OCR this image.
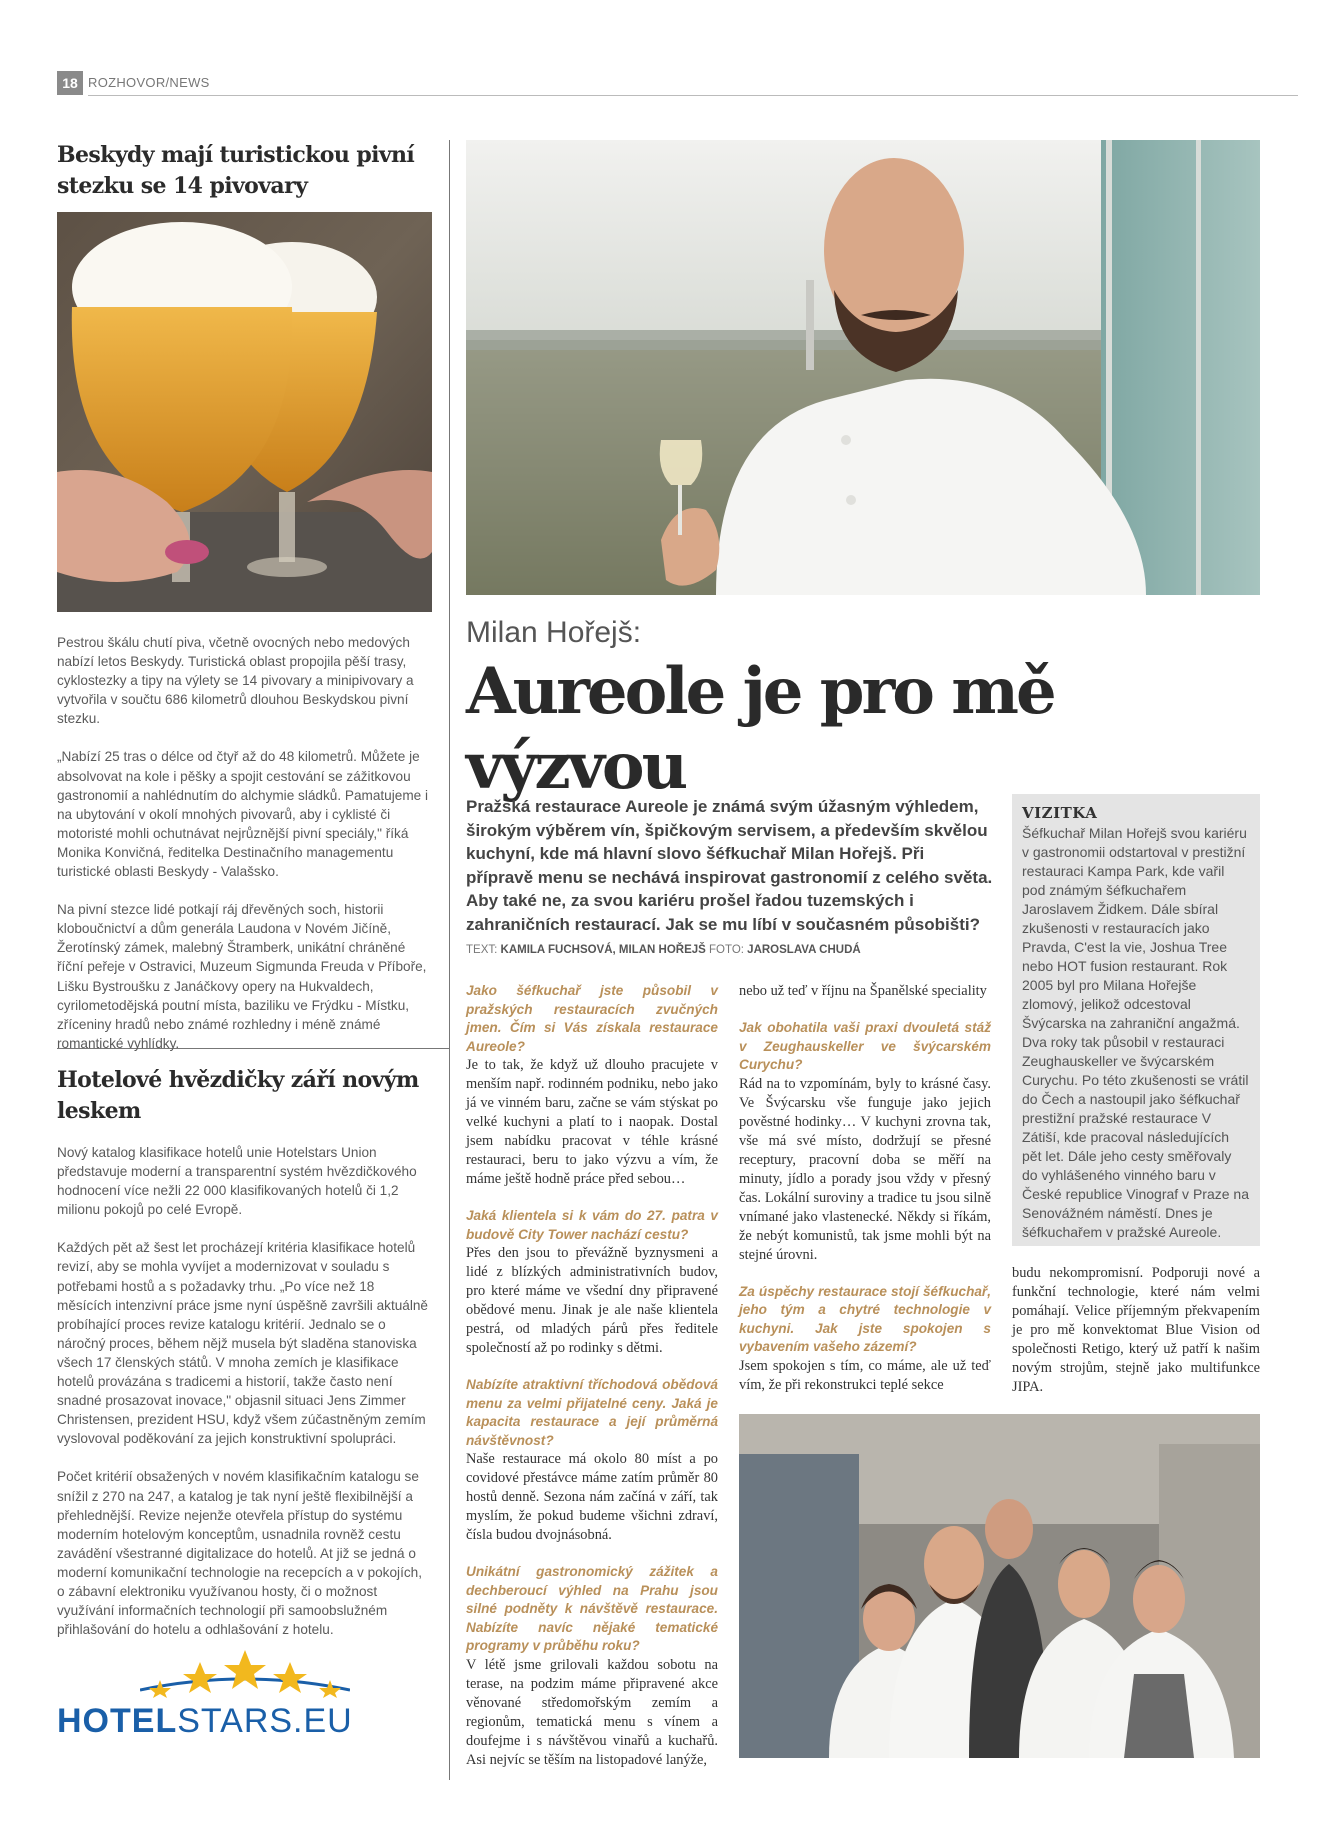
18 ROZHOVOR/NEWS
Beskydy mají turistickou pivní stezku se 14 pivovary

Pestrou škálu chutí piva, včetně ovocných nebo medových nabízí letos Beskydy. Turistická oblast propojila pěší trasy, cyklostezky a tipy na výlety se 14 pivovary a minipivovary a vytvořila v součtu 686 kilometrů dlouhou Beskydskou pivní stezku.

„Nabízí 25 tras o délce od čtyř až do 48 kilometrů. Můžete je absolvovat na kole i pěšky a spojit cestování se zážitkovou gastronomií a nahlédnutím do alchymie sládků. Pamatujeme i na ubytování v okolí mnohých pivovarů, aby i cyklisté či motoristé mohli ochutnávat nejrůznější pivní speciály," říká Monika Konvičná, ředitelka Destinačního managementu turistické oblasti Beskydy - Valašsko.

Na pivní stezce lidé potkají ráj dřevěných soch, historii kloboučnictví a dům generála Laudona v Novém Jičíně, Žerotínský zámek, malebný Štramberk, unikátní chráněné říční peřeje v Ostravici, Muzeum Sigmunda Freuda v Příboře, Lišku Bystroušku z Janáčkovy opery na Hukvaldech, cyrilometodějská poutní místa, baziliku ve Frýdku - Místku, zříceniny hradů nebo známé rozhledny i méně známé romantické vyhlídky.

Hotelové hvězdičky září novým leskem

Nový katalog klasifikace hotelů unie Hotelstars Union představuje moderní a transparentní systém hvězdičkového hodnocení více nežli 22 000 klasifikovaných hotelů či 1,2 milionu pokojů po celé Evropě.

Každých pět až šest let procházejí kritéria klasifikace hotelů revizí, aby se mohla vyvíjet a modernizovat v souladu s potřebami hostů a s požadavky trhu. „Po více než 18 měsících intenzivní práce jsme nyní úspěšně završili aktuálně probíhající proces revize katalogu kritérií. Jednalo se o náročný proces, během nějž musela být sladěna stanoviska všech 17 členských států. V mnoha zemích je klasifikace hotelů provázána s tradicemi a historií, takže často není snadné prosazovat inovace," objasnil situaci Jens Zimmer Christensen, prezident HSU, když všem zúčastněným zemím vyslovoval poděkování za jejich konstruktivní spolupráci.

Počet kritérií obsažených v novém klasifikačním katalogu se snížil z 270 na 247, a katalog je tak nyní ještě flexibilnější a přehlednější. Revize nejenže otevřela přístup do systému moderním hotelovým konceptům, usnadnila rovněž cestu zavádění všestranné digitalizace do hotelů. At již se jedná o moderní komunikační technologie na recepcích a v pokojích, o zábavní elektroniku využívanou hosty, či o možnost využívání informačních technologií při samoobslužném přihlašování do hotelu a odhlašování z hotelu.

HOTELSTARS.EU
Milan Hořejš:
Aureole je pro mě výzvou
Pražská restaurace Aureole je známá svým úžasným výhledem, širokým výběrem vín, špičkovým servisem, a především skvělou kuchyní, kde má hlavní slovo šéfkuchař Milan Hořejš. Při přípravě menu se nechává inspirovat gastronomií z celého světa. Aby také ne, za svou kariéru prošel řadou tuzemských i zahraničních restaurací. Jak se mu líbí v současném působišti?
TEXT: KAMILA FUCHSOVÁ, MILAN HOŘEJŠ FOTO: JAROSLAVA CHUDÁ

Jako šéfkuchař jste působil v pražských restauracích zvučných jmen. Čím si Vás získala restaurace Aureole?

Je to tak, že když už dlouho pracujete v menším např. rodinném podniku, nebo jako já ve vinném baru, začne se vám stýskat po velké kuchyni a platí to i naopak. Dostal jsem nabídku pracovat v téhle krásné restauraci, beru to jako výzvu a vím, že máme ještě hodně práce před sebou…

Jaká klientela si k vám do 27. patra v budově City Tower nachází cestu?

Přes den jsou to převážně byznysmeni a lidé z blízkých administrativních budov, pro které máme ve všední dny připravené obědové menu. Jinak je ale naše klientela pestrá, od mladých párů přes ředitele společností až po rodinky s dětmi.

Nabízíte atraktivní tříchodová obědová menu za velmi přijatelné ceny. Jaká je kapacita restaurace a její průměrná návštěvnost?

Naše restaurace má okolo 80 míst a po covidové přestávce máme zatím průměr 80 hostů denně. Sezona nám začíná v září, tak myslím, že pokud budeme všichni zdraví, čísla budou dvojnásobná.

Unikátní gastronomický zážitek a dechberoucí výhled na Prahu jsou silné podněty k návštěvě restaurace. Nabízíte navíc nějaké tematické programy v průběhu roku?

V létě jsme grilovali každou sobotu na terase, na podzim máme připravené akce věnované středomořským zemím a regionům, tematická menu s vínem a doufejme i s návštěvou vinařů a kuchařů. Asi nejvíc se těším na listopadové lanýže,

nebo už teď v říjnu na Španělské speciality

Jak obohatila vaši praxi dvouletá stáž v Zeughauskeller ve švýcarském Curychu?

Rád na to vzpomínám, byly to krásné časy. Ve Švýcarsku vše funguje jako jejich pověstné hodinky… V kuchyni zrovna tak, vše má své místo, dodržují se přesné receptury, pracovní doba se měří na minuty, jídlo a porady jsou vždy v přesný čas. Lokální suroviny a tradice tu jsou silně vnímané jako vlastenecké. Někdy si říkám, že nebýt komunistů, tak jsme mohli být na stejné úrovni.

Za úspěchy restaurace stojí šéfkuchař, jeho tým a chytré technologie v kuchyni. Jak jste spokojen s vybavením vašeho zázemí?

Jsem spokojen s tím, co máme, ale už teď vím, že při rekonstrukci teplé sekce

VIZITKA
Šéfkuchař Milan Hořejš svou kariéru v gastronomii odstartoval v prestižní restauraci Kampa Park, kde vařil pod známým šéfkuchařem Jaroslavem Židkem. Dále sbíral zkušenosti v restauracích jako Pravda, C'est la vie, Joshua Tree nebo HOT fusion restaurant. Rok 2005 byl pro Milana Hořejše zlomový, jelikož odcestoval Švýcarska na zahraniční angažmá. Dva roky tak působil v restauraci Zeughauskeller ve švýcarském Curychu. Po této zkušenosti se vrátil do Čech a nastoupil jako šéfkuchař prestižní pražské restaurace V Zátiší, kde pracoval následujících pět let. Dále jeho cesty směřovaly do vyhlášeného vinného baru v České republice Vinograf v Praze na Senovážném náměstí. Dnes je šéfkuchařem v pražské Aureole.

budu nekompromisní. Podporuji nové a funkční technologie, které nám velmi pomáhají. Velice příjemným překvapením je pro mě konvektomat Blue Vision od společnosti Retigo, který už patří k našim novým strojům, stejně jako multifunkce JIPA.
